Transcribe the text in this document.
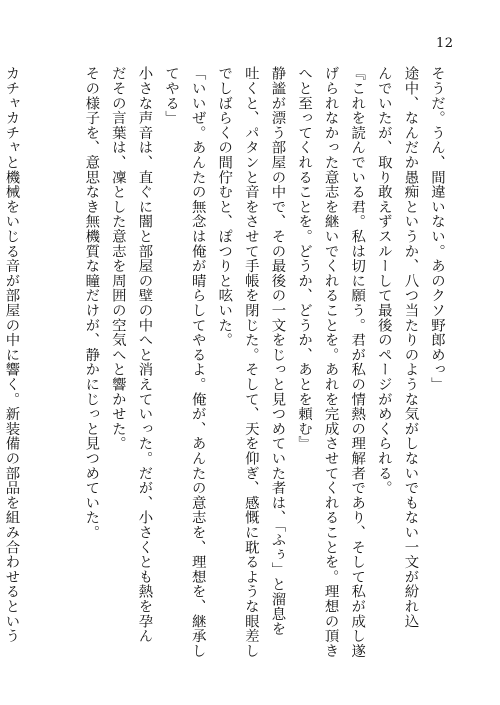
12
そうだ。うん、間違いない。あのクソ野郎めっ」
途中、なんだか愚痴というか、八つ当たりのような気がしないでもない一文が紛れ込
んでいたが、取り敢えずスルーして最後のページがめくられる。
『これを読んでいる君。私は切に願う。君が私の情熱の理解者であり、そして私が成し遂
げられなかった意志を継いでくれることを。あれを完成させてくれることを。理想の頂き
へと至ってくれることを。どうか、どうか、あとを頼む』
静謐が漂う部屋の中で、その最後の一文をじっと見つめていた者は、「ふぅ」と溜息を
吐くと、パタンと音をさせて手帳を閉じた。そして、天を仰ぎ、感慨に耽るような眼差し
でしばらくの間佇むと、ぽつりと呟いた。
「いいぜ。あんたの無念は俺が晴らしてやるよ。俺が、あんたの意志を、理想を、継承し
てやる」
小さな声音は、直ぐに闇と部屋の壁の中へと消えていった。だが、小さくとも熱を孕ん
だその言葉は、凜とした意志を周囲の空気へと響かせた。
その様子を、意思なき無機質な瞳だけが、静かにじっと見つめていた。
カチャカチャと機械をいじる音が部屋の中に響く。新装備の部品を組み合わせるという
